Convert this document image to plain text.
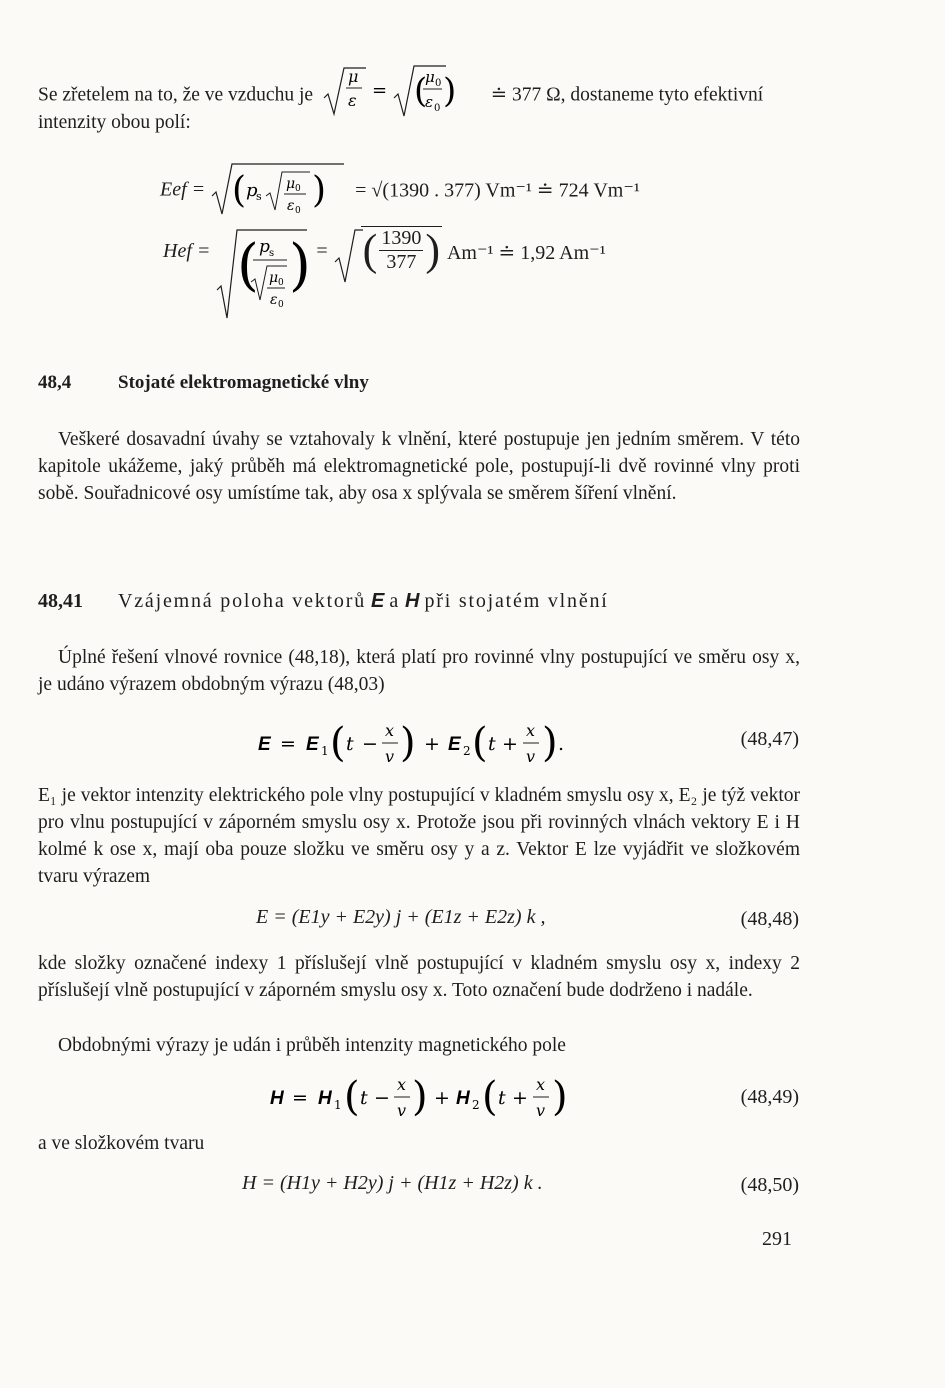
Se zřetelem na to, že ve vzduchu je
μ
ε = (
μ 0
ε 0 ) ≐ 377 Ω, dostaneme tyto efektivní
intenzity obou polí:
Eef = ( p
s
μ 0
ε 0 ) = √(1390 . 377) Vm⁻¹ ≐ 724 Vm⁻¹
Hef = ( p s
μ 0
ε 0
) = ( $\frac{1390}{377}$ ) Am⁻¹ ≐ 1,92 Am⁻¹
48,4 Stojaté elektromagnetické vlny
Veškeré dosavadní úvahy se vztahovaly k vlnění, které postupuje jen jedním směrem. V této kapitole ukážeme, jaký průběh má elektromagnetické pole, postupují-li dvě rovinné vlny proti sobě. Souřadnicové osy umístíme tak, aby osa x splývala se směrem šíření vlnění.
48,41 Vzájemná poloha vektorů E a H při stojatém vlnění
Úplné řešení vlnové rovnice (48,18), která platí pro rovinné vlny postupující ve směru osy x, je udáno výrazem obdobným výrazu (48,03)
E = E 1 ( t −
x
v ) + E 2 ( t +
x
v ) .	(48,47)
E₁ je vektor intenzity elektrického pole vlny postupující v kladném smyslu osy x, E₂ je týž vektor pro vlnu postupující v záporném smyslu osy x. Protože jsou při rovinných vlnách vektory E i H kolmé k ose x, mají oba pouze složku ve směru osy y a z. Vektor E lze vyjádřit ve složkovém tvaru výrazem
E = (E1y + E2y) j + (E1z + E2z) k ,	(48,48)
kde složky označené indexy 1 příslušejí vlně postupující v kladném smyslu osy x, indexy 2 příslušejí vlně postupující v záporném smyslu osy x. Toto označení bude dodrženo i nadále.
Obdobnými výrazy je udán i průběh intenzity magnetického pole
H = H 1 ( t −
x
v ) + H 2 ( t +
x
v )	(48,49)
a ve složkovém tvaru
H = (H1y + H2y) j + (H1z + H2z) k .	(48,50)
291
